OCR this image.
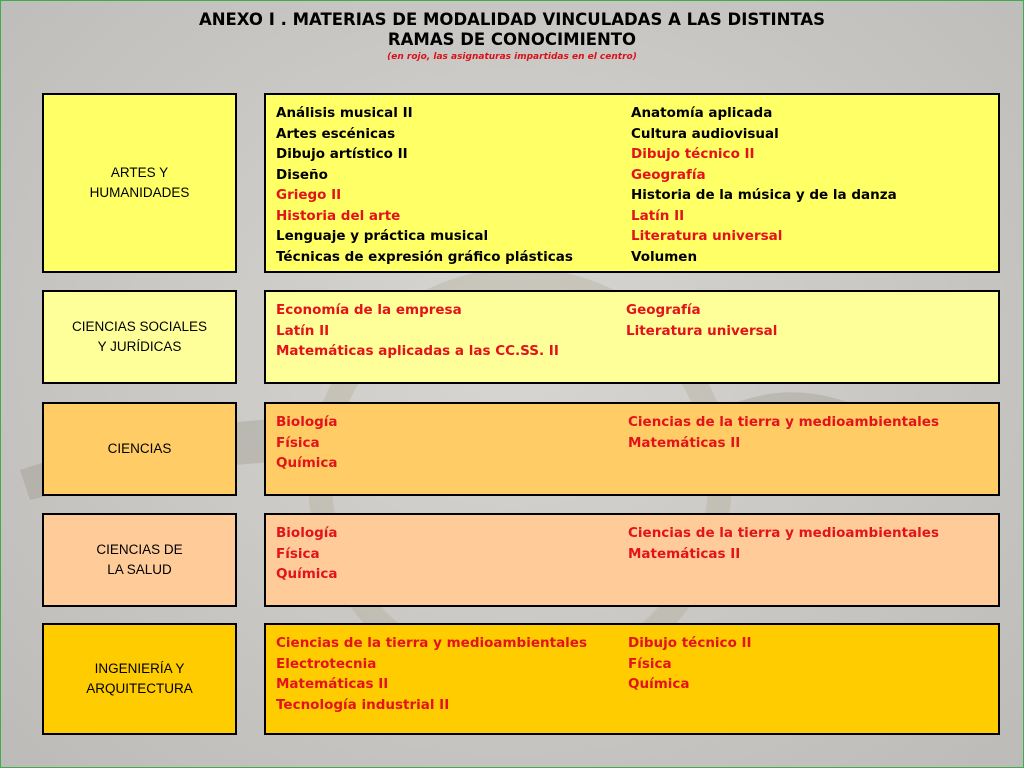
ANEXO I . MATERIAS DE MODALIDAD VINCULADAS A LAS DISTINTAS
RAMAS DE CONOCIMIENTO
(en rojo, las asignaturas impartidas en el centro)
ARTES Y
HUMANIDADES
Análisis musical II
Artes escénicas
Dibujo artístico II
Diseño
Griego II
Historia del arte
Lenguaje y práctica musical
Técnicas de expresión gráfico plásticas
Anatomía aplicada
Cultura audiovisual
Dibujo técnico II
Geografía
Historia de la música y de la danza
Latín II
Literatura universal
Volumen
CIENCIAS SOCIALES
Y JURÍDICAS
Economía de la empresa
Latín II
Matemáticas aplicadas a las CC.SS. II
Geografía
Literatura universal
CIENCIAS
Biología
Física
Química
Ciencias de la tierra y medioambientales
Matemáticas II
CIENCIAS DE
LA SALUD
Biología
Física
Química
Ciencias de la tierra y medioambientales
Matemáticas II
INGENIERÍA Y
ARQUITECTURA
Ciencias de la tierra y medioambientales
Electrotecnia
Matemáticas II
Tecnología industrial II
Dibujo técnico II
Física
Química
